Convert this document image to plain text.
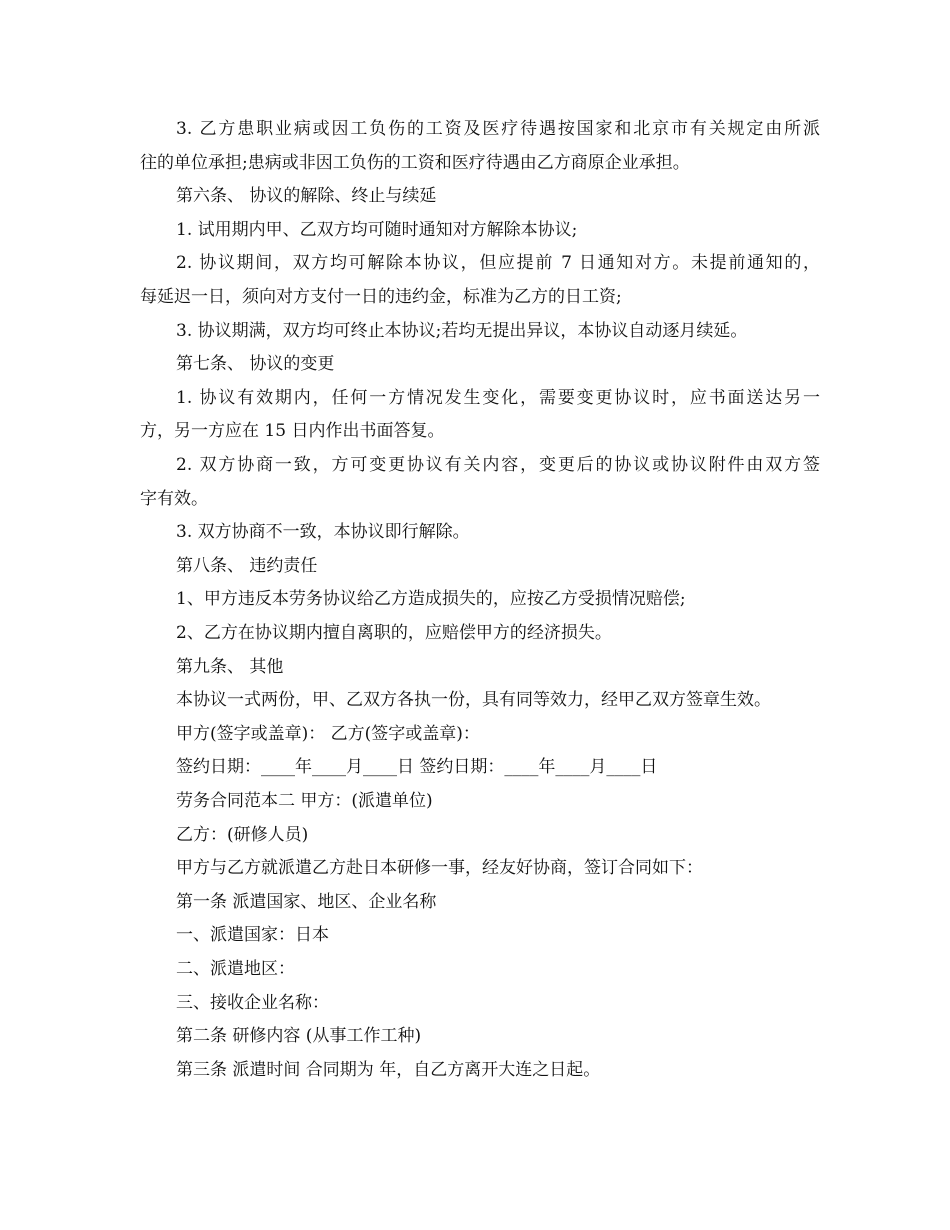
3. 乙方患职业病或因工负伤的工资及医疗待遇按国家和北京市有关规定由所派
往的单位承担;患病或非因工负伤的工资和医疗待遇由乙方商原企业承担。
第六条、 协议的解除、终止与续延
1. 试用期内甲、乙双方均可随时通知对方解除本协议;
2. 协议期间，双方均可解除本协议，但应提前 7 日通知对方。未提前通知的，
每延迟一日，须向对方支付一日的违约金，标准为乙方的日工资;
3. 协议期满，双方均可终止本协议;若均无提出异议，本协议自动逐月续延。
第七条、 协议的变更
1. 协议有效期内，任何一方情况发生变化，需要变更协议时，应书面送达另一
方，另一方应在 15 日内作出书面答复。
2. 双方协商一致，方可变更协议有关内容，变更后的协议或协议附件由双方签
字有效。
3. 双方协商不一致，本协议即行解除。
第八条、 违约责任
1、甲方违反本劳务协议给乙方造成损失的，应按乙方受损情况赔偿;
2、乙方在协议期内擅自离职的，应赔偿甲方的经济损失。
第九条、 其他
本协议一式两份，甲、乙双方各执一份，具有同等效力，经甲乙双方签章生效。
甲方(签字或盖章)： 乙方(签字或盖章)：
签约日期：____年____月____日 签约日期：____年____月____日
劳务合同范本二 甲方：(派遣单位)
乙方：(研修人员)
甲方与乙方就派遣乙方赴日本研修一事，经友好协商，签订合同如下：
第一条 派遣国家、地区、企业名称
一、派遣国家：日本
二、派遣地区：
三、接收企业名称：
第二条 研修内容 (从事工作工种)
第三条 派遣时间 合同期为 年，自乙方离开大连之日起。
